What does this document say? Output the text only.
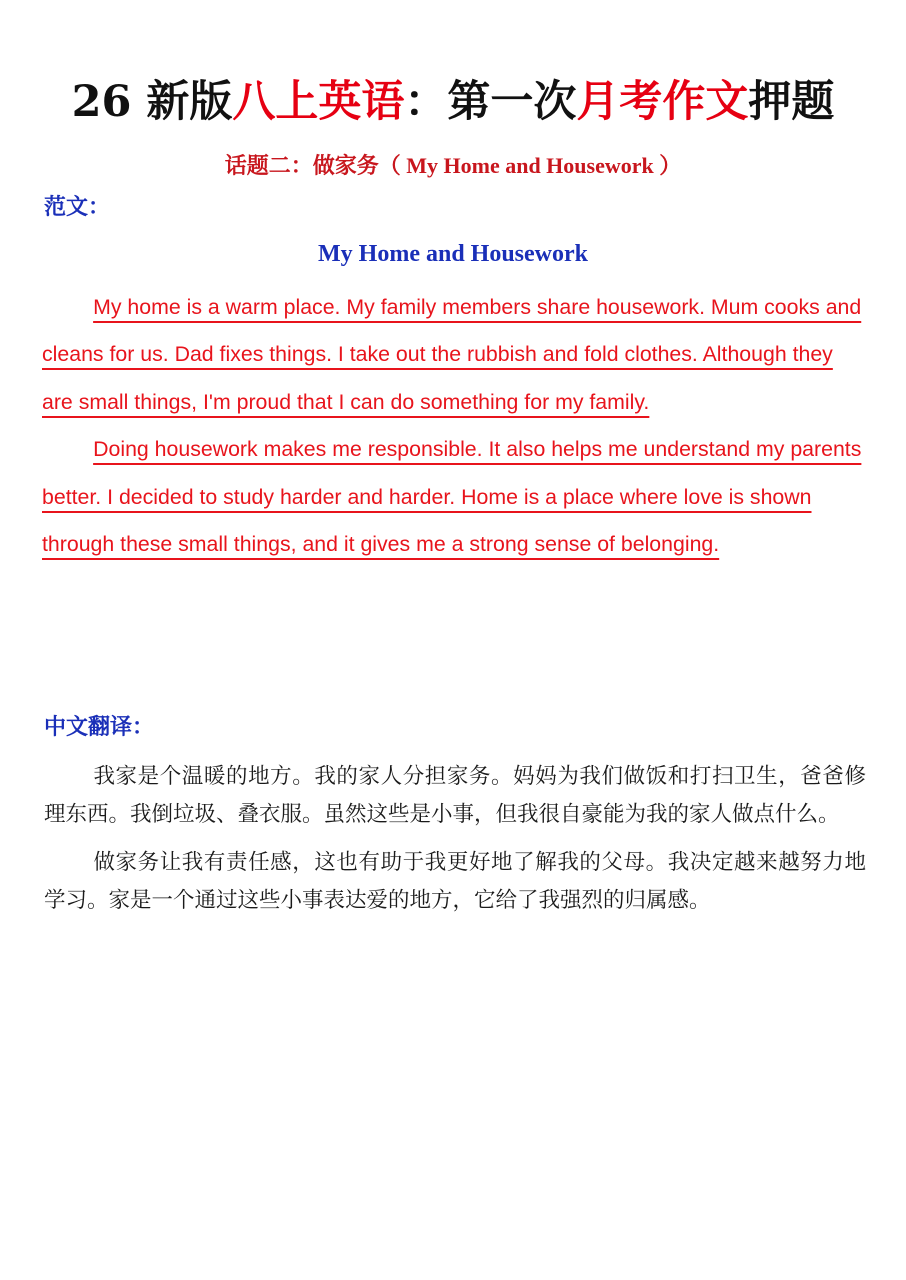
26 新版八上英语：第一次月考作文押题
话题二：做家务（ My Home and Housework ）
范文：
My Home and Housework

My home is a warm place. My family members share housework. Mum cooks and cleans for us. Dad fixes things. I take out the rubbish and fold clothes. Although they are small things, I'm proud that I can do something for my family.

Doing housework makes me responsible. It also helps me understand my parents better. I decided to study harder and harder. Home is a place where love is shown through these small things, and it gives me a strong sense of belonging.

中文翻译：

我家是个温暖的地方。我的家人分担家务。妈妈为我们做饭和打扫卫生，爸爸修理东西。我倒垃圾、叠衣服。虽然这些是小事，但我很自豪能为我的家人做点什么。

做家务让我有责任感，这也有助于我更好地了解我的父母。我决定越来越努力地学习。家是一个通过这些小事表达爱的地方，它给了我强烈的归属感。
